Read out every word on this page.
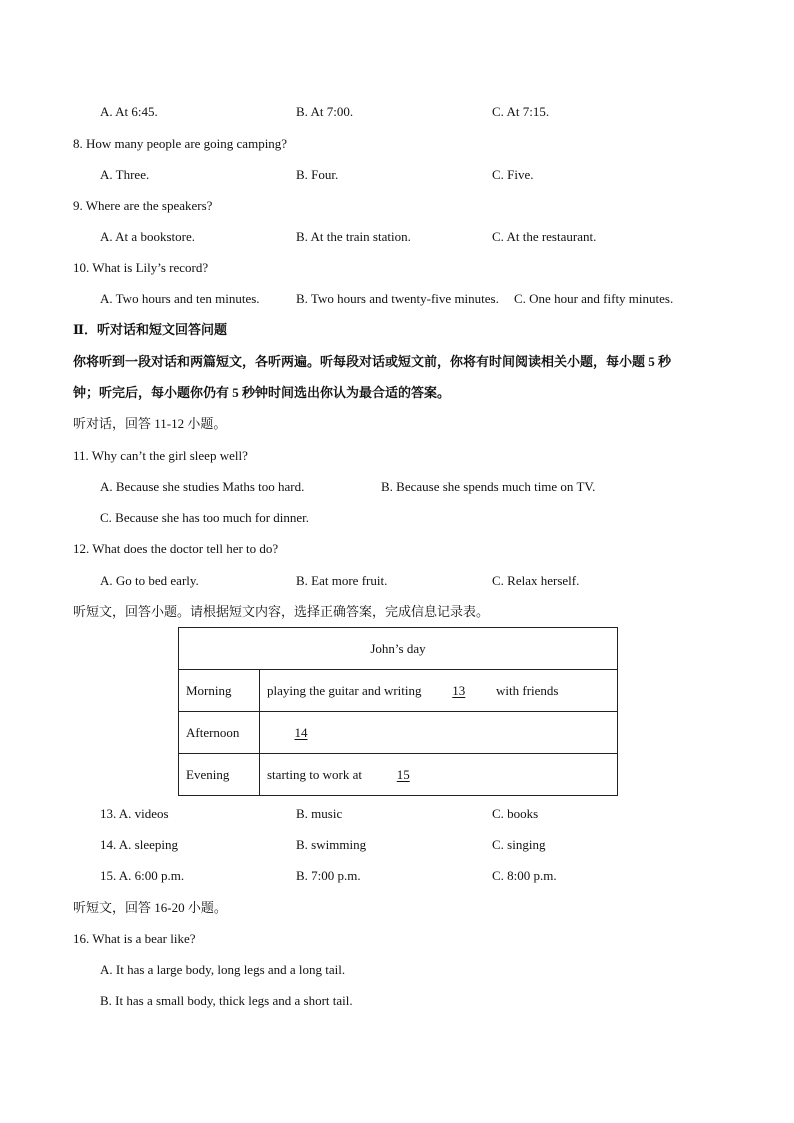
A. At 6:45.	B. At 7:00.	C. At 7:15.
8. How many people are going camping?
A. Three.	B. Four.	C. Five.
9. Where are the speakers?
A. At a bookstore.	B. At the train station.	C. At the restaurant.
10. What is Lily’s record?
A. Two hours and ten minutes.	B. Two hours and twenty-five minutes. C. One hour and fifty minutes.
Ⅱ．听对话和短文回答问题
你将听到一段对话和两篇短文，各听两遍。听每段对话或短文前，你将有时间阅读相关小题，每小题 5 秒
钟；听完后，每小题你仍有 5 秒钟时间选出你认为最合适的答案。
听对话，回答 11-12 小题。
11. Why can’t the girl sleep well?
A. Because she studies Maths too hard.	B. Because she spends much time on TV.
C. Because she has too much for dinner.
12. What does the doctor tell her to do?
A. Go to bed early.	B. Eat more fruit.	C. Relax herself.
听短文，回答小题。请根据短文内容，选择正确答案，完成信息记录表。
John’s day	
Morning	playing the guitar and writing 13 with friends
Afternoon	14
Evening	starting to work at 15
13. A. videos	B. music	C. books
14. A. sleeping	B. swimming	C. singing
15. A. 6:00 p.m.	B. 7:00 p.m.	C. 8:00 p.m.
听短文，回答 16-20 小题。
16. What is a bear like?
A. It has a large body, long legs and a long tail.
B. It has a small body, thick legs and a short tail.
